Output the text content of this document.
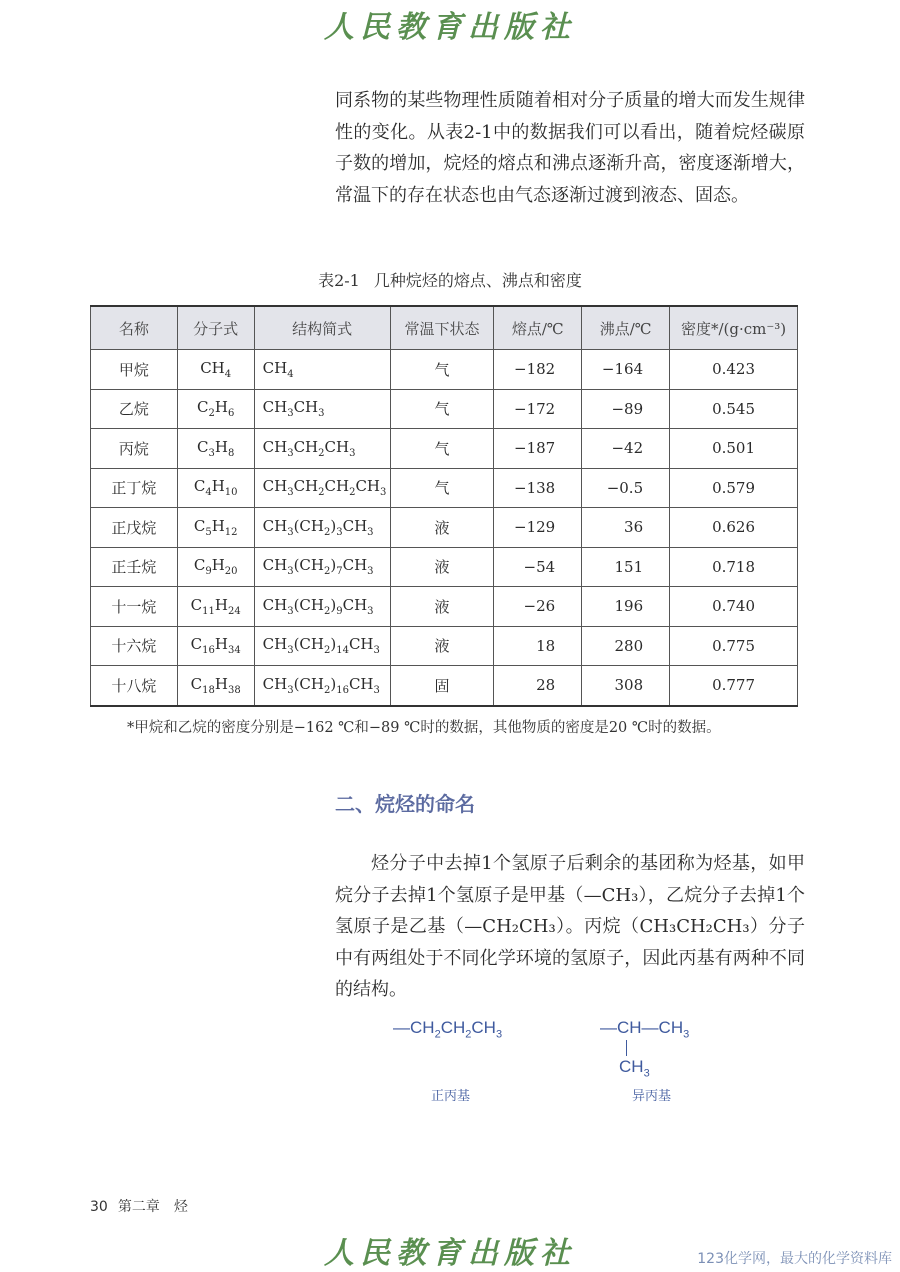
人民教育出版社
同系物的某些物理性质随着相对分子质量的增大而发生规律性的变化。从表2-1中的数据我们可以看出，随着烷烃碳原子数的增加，烷烃的熔点和沸点逐渐升高，密度逐渐增大，常温下的存在状态也由气态逐渐过渡到液态、固态。
表2-1 几种烷烃的熔点、沸点和密度
名称	分子式	结构简式	常温下状态	熔点/℃	沸点/℃	密度*/(g·cm⁻³)
甲烷	$CH_4$	$CH_4$	气	−182	−164	0.423
乙烷	$C_2H_6$	$CH_3CH_3$	气	−172	−89	0.545
丙烷	$C_3H_8$	$CH_3CH_2CH_3$	气	−187	−42	0.501
正丁烷	$C_4H_{10}$	$CH_3CH_2CH_2CH_3$	气	−138	−0.5	0.579
正戊烷	$C_5H_{12}$	$CH_3(CH_2)_3CH_3$	液	−129	36	0.626
正壬烷	$C_9H_{20}$	$CH_3(CH_2)_7CH_3$	液	−54	151	0.718
十一烷	$C_{11}H_{24}$	$CH_3(CH_2)_9CH_3$	液	−26	196	0.740
十六烷	$C_{16}H_{34}$	$CH_3(CH_2)_{14}CH_3$	液	18	280	0.775
十八烷	$C_{18}H_{38}$	$CH_3(CH_2)_{16}CH_3$	固	28	308	0.777
*甲烷和乙烷的密度分别是−162 ℃和−89 ℃时的数据，其他物质的密度是20 ℃时的数据。
二、烷烃的命名
烃分子中去掉1个氢原子后剩余的基团称为烃基，如甲烷分子去掉1个氢原子是甲基（—CH₃），乙烷分子去掉1个氢原子是乙基（—CH₂CH₃）。丙烷（CH₃CH₂CH₃）分子中有两组处于不同化学环境的氢原子，因此丙基有两种不同的结构。
$—CH_2CH_2CH_3$	$—CH—CH_3$
$CH_3$
正丙基	异丙基
30 第二章　烃
人民教育出版社	123化学网，最大的化学资料库
